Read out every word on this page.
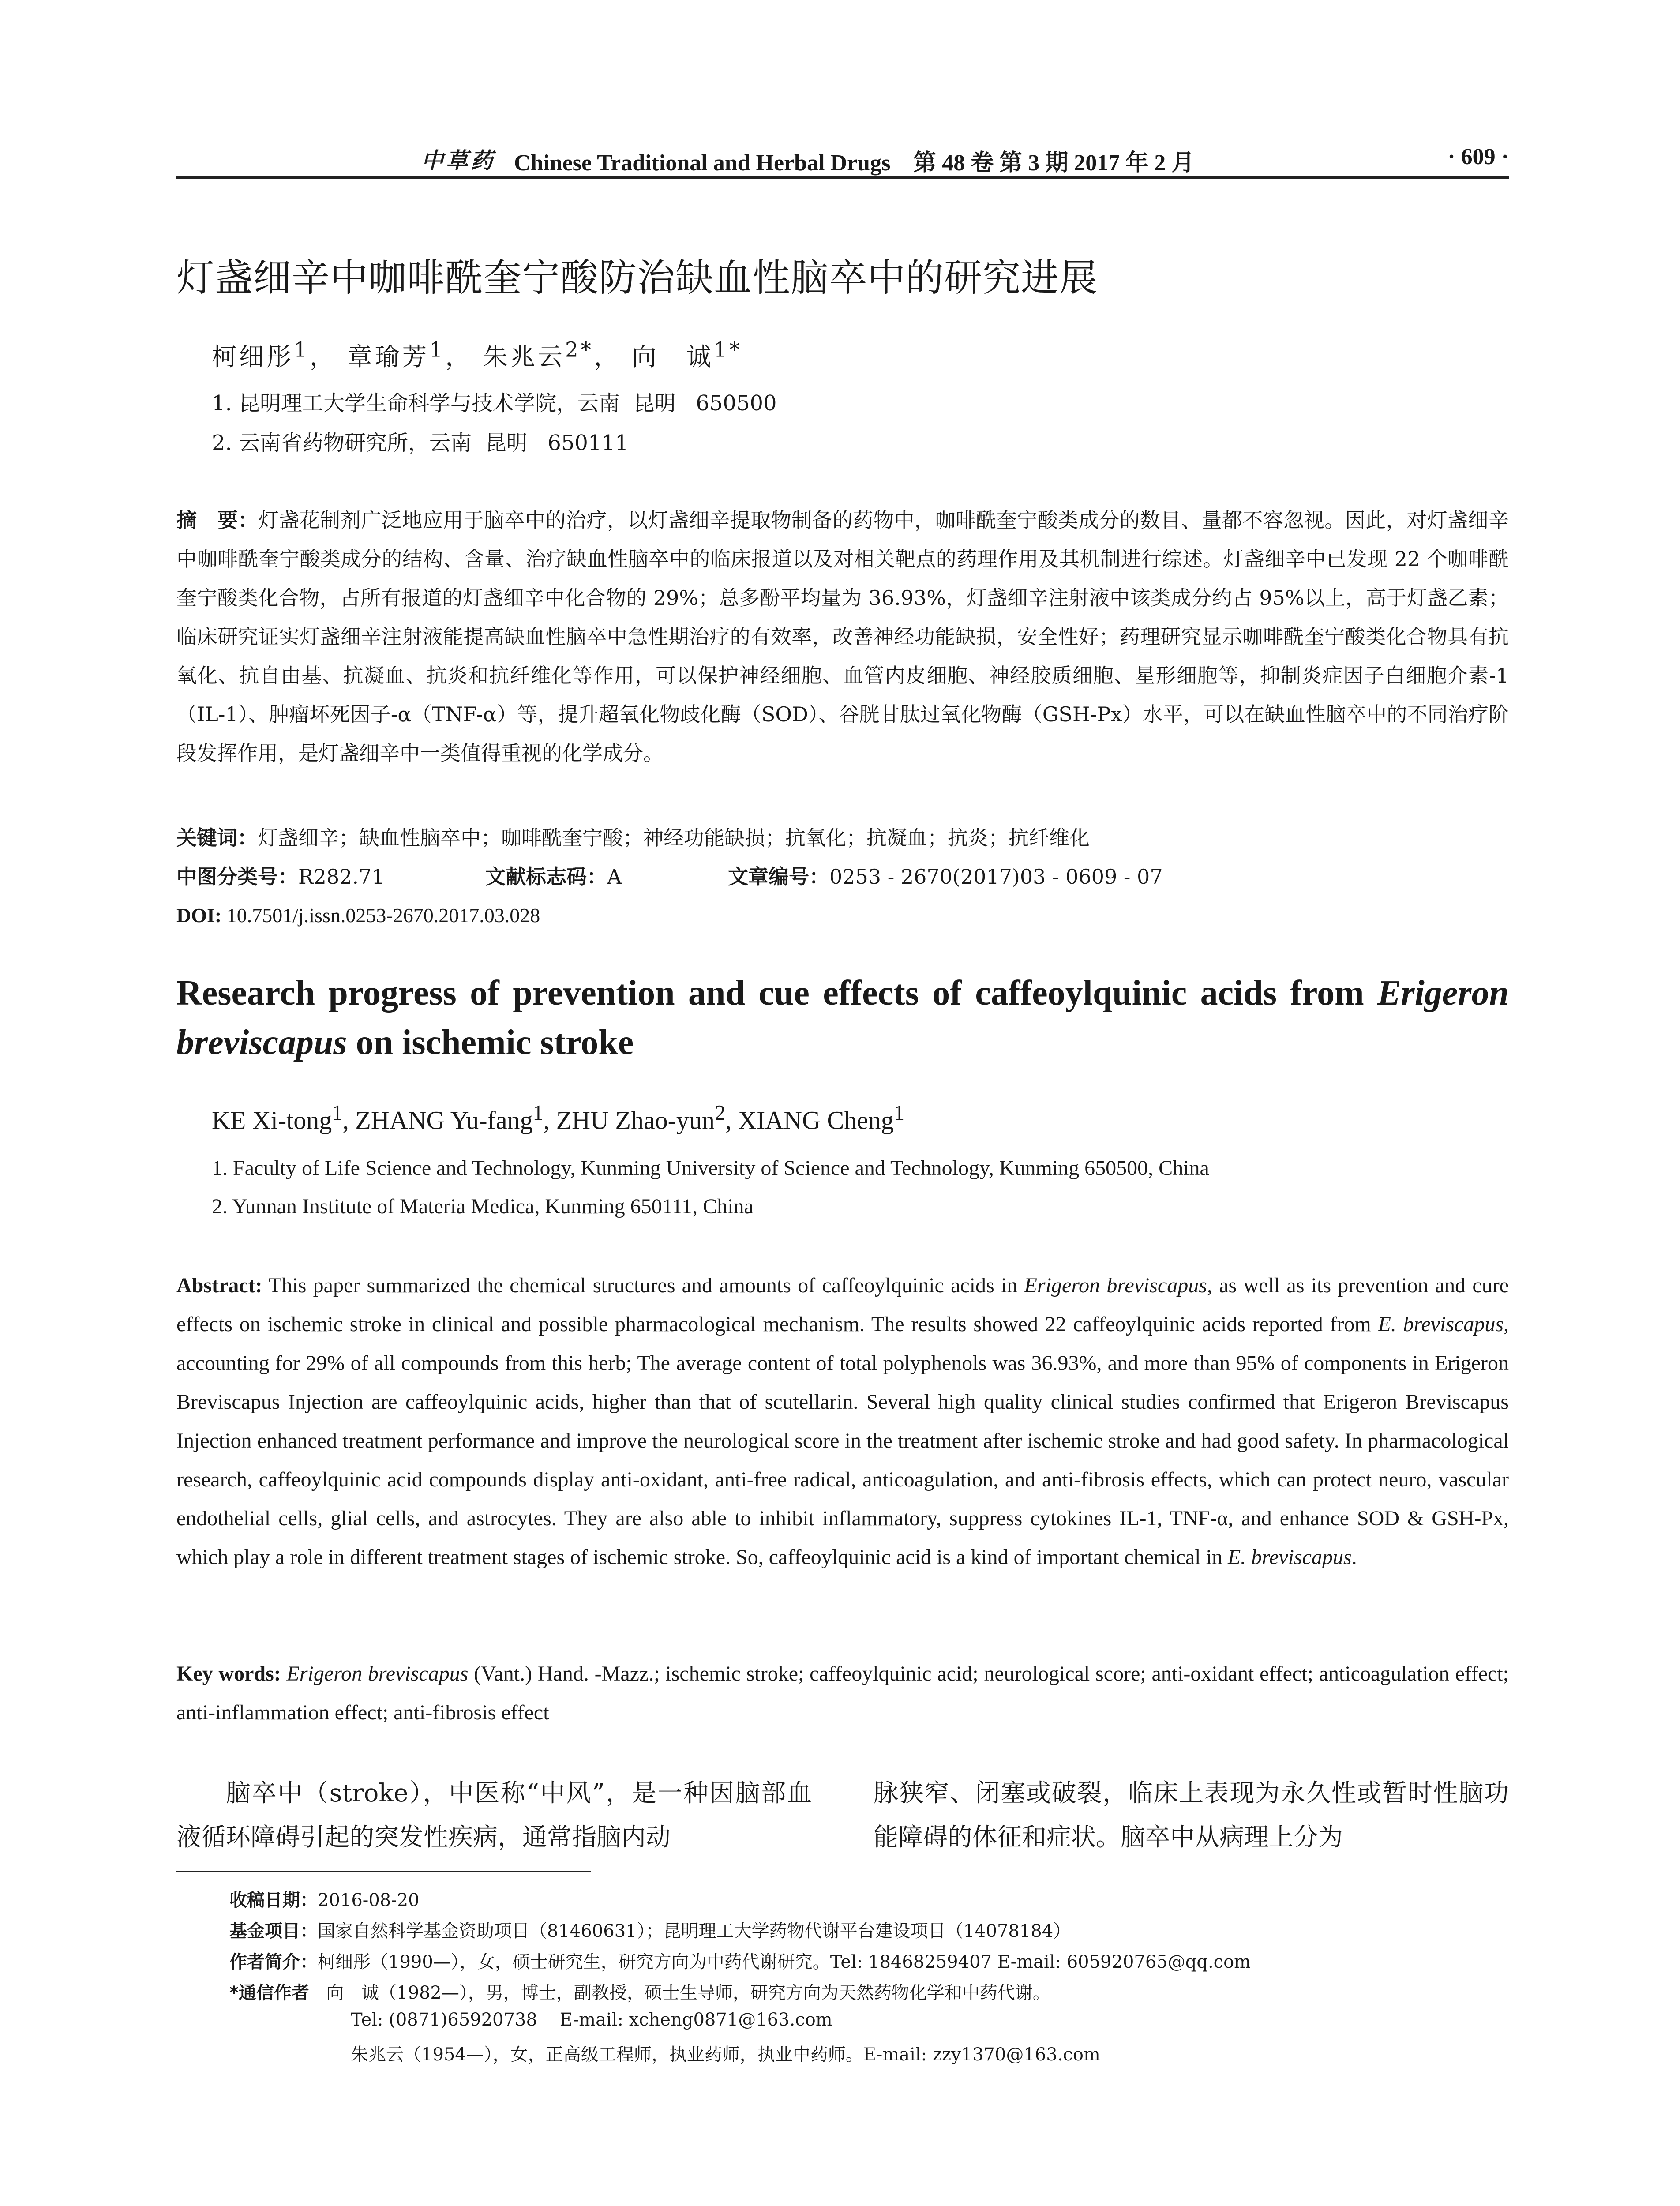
中草药 Chinese Traditional and Herbal Drugs　第 48 卷 第 3 期 2017 年 2 月	· 609 ·
灯盏细辛中咖啡酰奎宁酸防治缺血性脑卒中的研究进展
柯细彤$^1$， 章瑜芳$^1$， 朱兆云$^{2*}$， 向　诚$^{1*}$
1. 昆明理工大学生命科学与技术学院，云南  昆明   650500
2. 云南省药物研究所，云南  昆明   650111
摘　要：灯盏花制剂广泛地应用于脑卒中的治疗，以灯盏细辛提取物制备的药物中，咖啡酰奎宁酸类成分的数目、量都不容忽视。因此，对灯盏细辛中咖啡酰奎宁酸类成分的结构、含量、治疗缺血性脑卒中的临床报道以及对相关靶点的药理作用及其机制进行综述。灯盏细辛中已发现 22 个咖啡酰奎宁酸类化合物，占所有报道的灯盏细辛中化合物的 29%；总多酚平均量为 36.93%，灯盏细辛注射液中该类成分约占 95%以上，高于灯盏乙素；临床研究证实灯盏细辛注射液能提高缺血性脑卒中急性期治疗的有效率，改善神经功能缺损，安全性好；药理研究显示咖啡酰奎宁酸类化合物具有抗氧化、抗自由基、抗凝血、抗炎和抗纤维化等作用，可以保护神经细胞、血管内皮细胞、神经胶质细胞、星形细胞等，抑制炎症因子白细胞介素-1（IL-1）、肿瘤坏死因子-α（TNF-α）等，提升超氧化物歧化酶（SOD）、谷胱甘肽过氧化物酶（GSH-Px）水平，可以在缺血性脑卒中的不同治疗阶段发挥作用，是灯盏细辛中一类值得重视的化学成分。
关键词：灯盏细辛；缺血性脑卒中；咖啡酰奎宁酸；神经功能缺损；抗氧化；抗凝血；抗炎；抗纤维化
中图分类号：R282.71	文献标志码：A	文章编号：0253 - 2670(2017)03 - 0609 - 07
DOI: 10.7501/j.issn.0253-2670.2017.03.028
Research progress of prevention and cue effects of caffeoylquinic acids from Erigeron breviscapus on ischemic stroke
KE Xi-tong$^1$, ZHANG Yu-fang$^1$, ZHU Zhao-yun$^2$, XIANG Cheng$^1$
1. Faculty of Life Science and Technology, Kunming University of Science and Technology, Kunming 650500, China
2. Yunnan Institute of Materia Medica, Kunming 650111, China
Abstract: This paper summarized the chemical structures and amounts of caffeoylquinic acids in Erigeron breviscapus, as well as its prevention and cure effects on ischemic stroke in clinical and possible pharmacological mechanism. The results showed 22 caffeoylquinic acids reported from E. breviscapus, accounting for 29% of all compounds from this herb; The average content of total polyphenols was 36.93%, and more than 95% of components in Erigeron Breviscapus Injection are caffeoylquinic acids, higher than that of scutellarin. Several high quality clinical studies confirmed that Erigeron Breviscapus Injection enhanced treatment performance and improve the neurological score in the treatment after ischemic stroke and had good safety. In pharmacological research, caffeoylquinic acid compounds display anti-oxidant, anti-free radical, anticoagulation, and anti-fibrosis effects, which can protect neuro, vascular endothelial cells, glial cells, and astrocytes. They are also able to inhibit inflammatory, suppress cytokines IL-1, TNF-α, and enhance SOD & GSH-Px, which play a role in different treatment stages of ischemic stroke. So, caffeoylquinic acid is a kind of important chemical in E. breviscapus.
Key words: Erigeron breviscapus (Vant.) Hand. -Mazz.; ischemic stroke; caffeoylquinic acid; neurological score; anti-oxidant effect; anticoagulation effect; anti-inflammation effect; anti-fibrosis effect
脑卒中（stroke），中医称“中风”，是一种因脑部血液循环障碍引起的突发性疾病，通常指脑内动
脉狭窄、闭塞或破裂，临床上表现为永久性或暂时性脑功能障碍的体征和症状。脑卒中从病理上分为
收稿日期：2016-08-20
基金项目：国家自然科学基金资助项目（81460631）；昆明理工大学药物代谢平台建设项目（14078184）
作者简介：柯细彤（1990—），女，硕士研究生，研究方向为中药代谢研究。Tel: 18468259407 E-mail: 605920765@qq.com
*通信作者   向　诚（1982—），男，博士，副教授，硕士生导师，研究方向为天然药物化学和中药代谢。
Tel: (0871)65920738    E-mail: xcheng0871@163.com
朱兆云（1954—），女，正高级工程师，执业药师，执业中药师。E-mail: zzy1370@163.com
